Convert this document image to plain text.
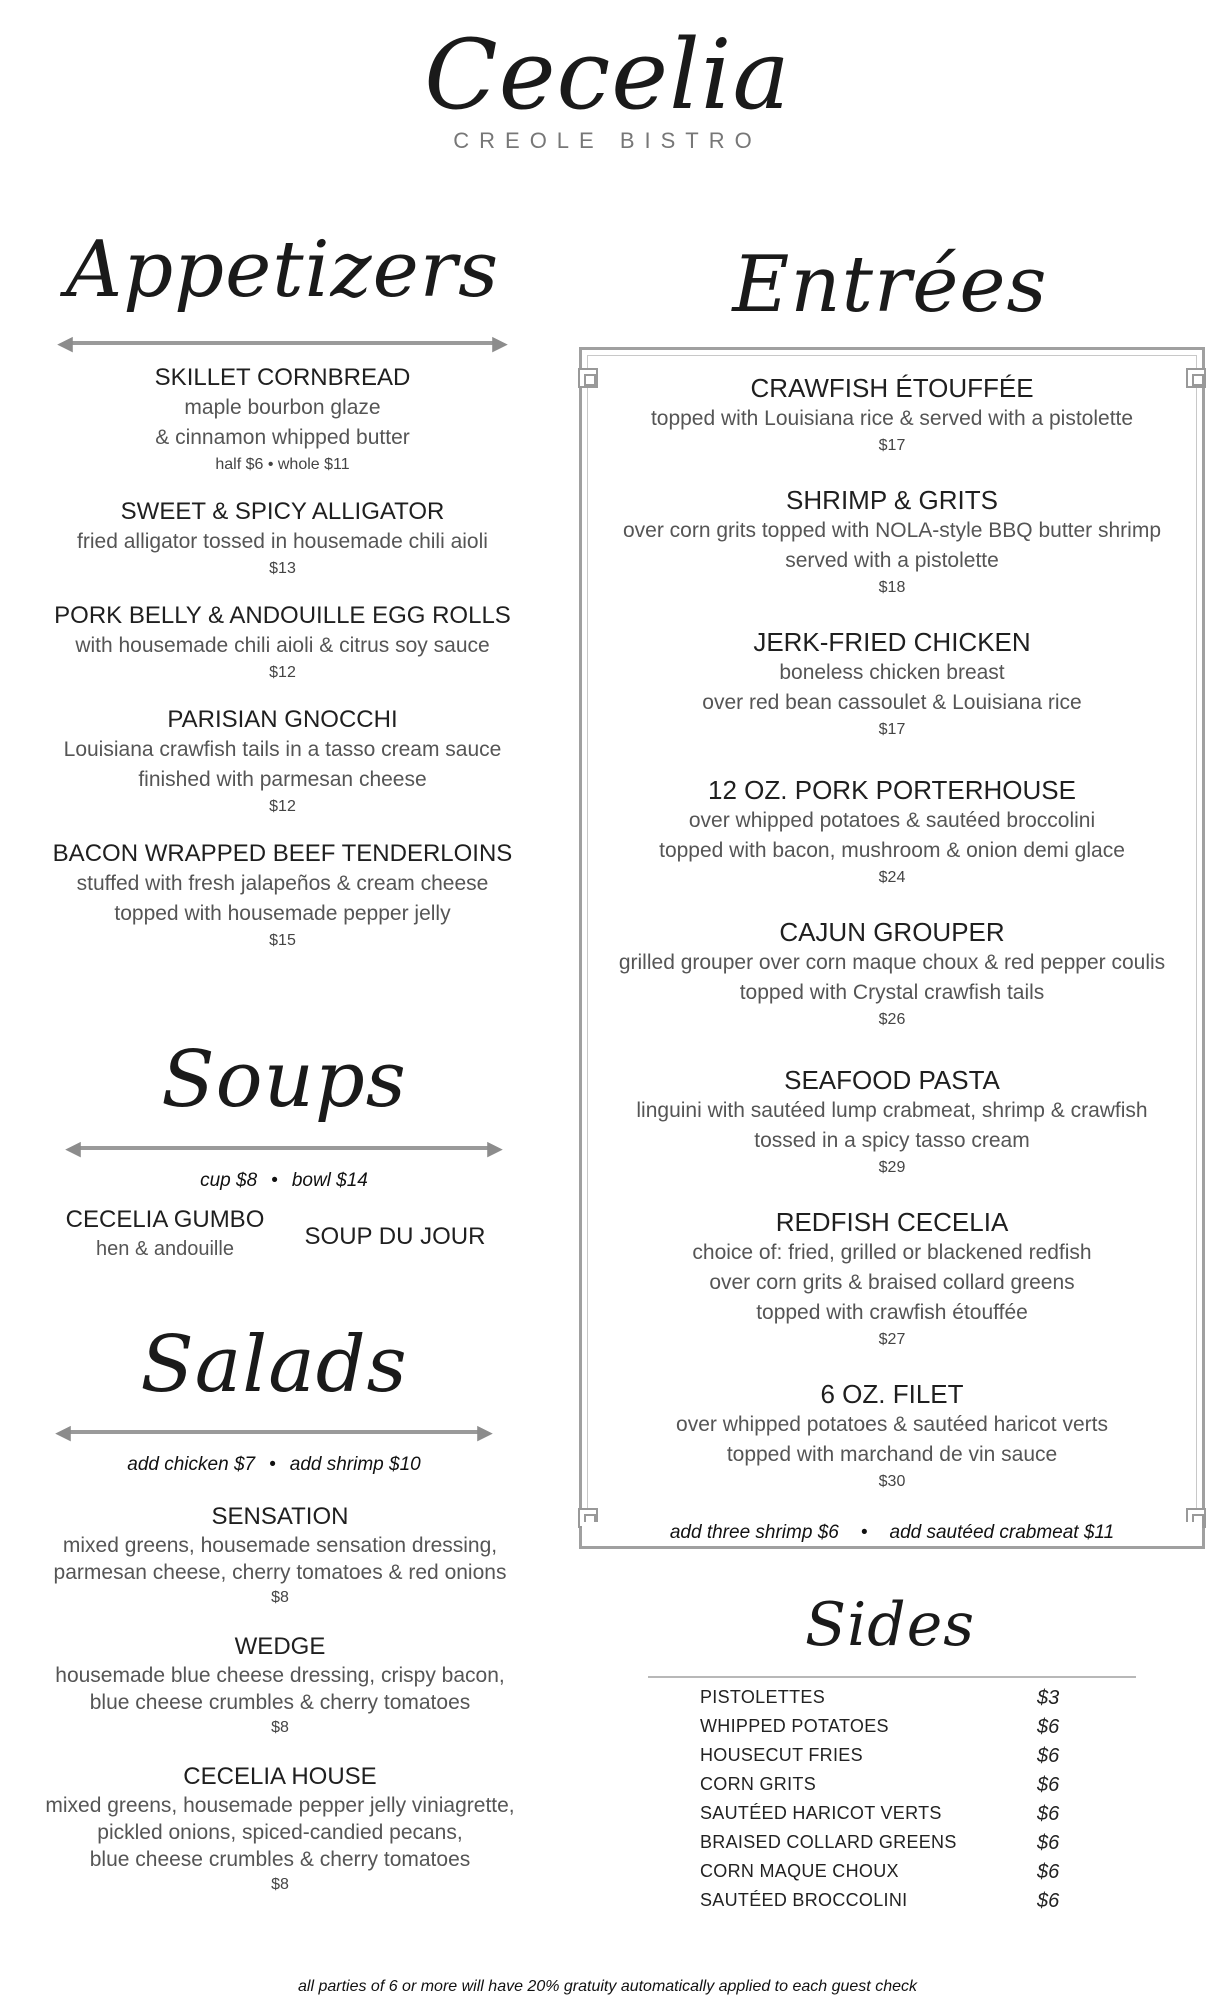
Cecelia
CREOLE BISTRO
Appetizers
◄	►
SKILLET CORNBREAD
maple bourbon glaze
& cinnamon whipped butter
half $6 • whole $11
SWEET & SPICY ALLIGATOR
fried alligator tossed in housemade chili aioli
$13
PORK BELLY & ANDOUILLE EGG ROLLS
with housemade chili aioli & citrus soy sauce
$12
PARISIAN GNOCCHI
Louisiana crawfish tails in a tasso cream sauce
finished with parmesan cheese
$12
BACON WRAPPED BEEF TENDERLOINS
stuffed with fresh jalapeños & cream cheese
topped with housemade pepper jelly
$15
Soups
◄	►
cup $8 • bowl $14
CECELIA GUMBO
hen & andouille	SOUP DU JOUR
Salads
◄	►
add chicken $7 • add shrimp $10
SENSATION
mixed greens, housemade sensation dressing,
parmesan cheese, cherry tomatoes & red onions
$8
WEDGE
housemade blue cheese dressing, crispy bacon,
blue cheese crumbles & cherry tomatoes
$8
CECELIA HOUSE
mixed greens, housemade pepper jelly viniagrette,
pickled onions, spiced-candied pecans,
blue cheese crumbles & cherry tomatoes
$8
Entrées
CRAWFISH ÉTOUFFÉE
topped with Louisiana rice & served with a pistolette
$17
SHRIMP & GRITS
over corn grits topped with NOLA-style BBQ butter shrimp
served with a pistolette
$18
JERK-FRIED CHICKEN
boneless chicken breast
over red bean cassoulet & Louisiana rice
$17
12 OZ. PORK PORTERHOUSE
over whipped potatoes & sautéed broccolini
topped with bacon, mushroom & onion demi glace
$24
CAJUN GROUPER
grilled grouper over corn maque choux & red pepper coulis
topped with Crystal crawfish tails
$26
SEAFOOD PASTA
linguini with sautéed lump crabmeat, shrimp & crawfish
tossed in a spicy tasso cream
$29
REDFISH CECELIA
choice of: fried, grilled or blackened redfish
over corn grits & braised collard greens
topped with crawfish étouffée
$27
6 OZ. FILET
over whipped potatoes & sautéed haricot verts
topped with marchand de vin sauce
$30
add three shrimp $6 • add sautéed crabmeat $11
Sides
PISTOLETTES	$3
WHIPPED POTATOES	$6
HOUSECUT FRIES	$6
CORN GRITS	$6
SAUTÉED HARICOT VERTS	$6
BRAISED COLLARD GREENS	$6
CORN MAQUE CHOUX	$6
SAUTÉED BROCCOLINI	$6
all parties of 6 or more will have 20% gratuity automatically applied to each guest check
